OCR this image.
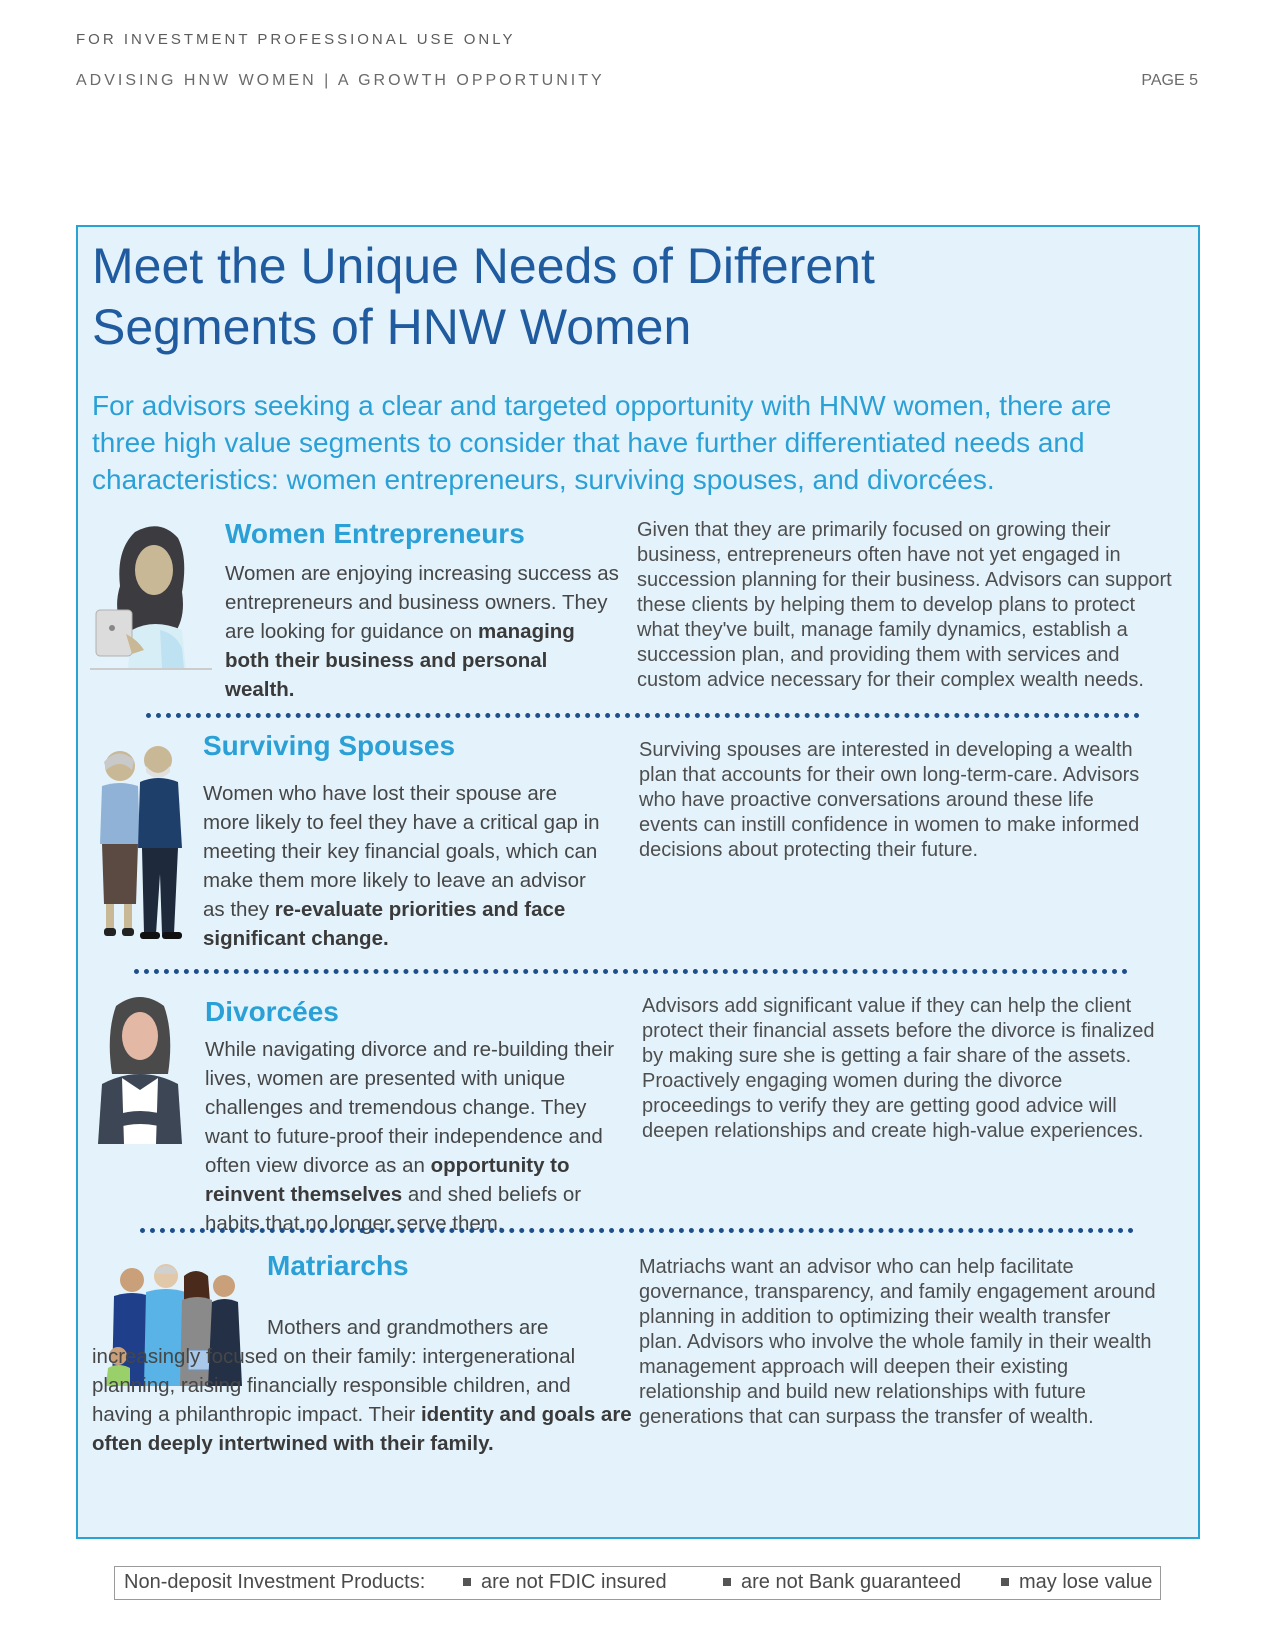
FOR INVESTMENT PROFESSIONAL USE ONLY
ADVISING HNW WOMEN | A GROWTH OPPORTUNITY	PAGE 5
Meet the Unique Needs of Different
Segments of HNW Women

For advisors seeking a clear and targeted opportunity with HNW women, there are three high value segments to consider that have further differentiated needs and characteristics: women entrepreneurs, surviving spouses, and divorcées.

Women Entrepreneurs
Women are enjoying increasing success as entrepreneurs and business owners. They are looking for guidance on managing both their business and personal wealth.
Given that they are primarily focused on growing their business, entrepreneurs often have not yet engaged in succession planning for their business. Advisors can support these clients by helping them to develop plans to protect what they've built, manage family dynamics, establish a succession plan, and providing them with services and custom advice necessary for their complex wealth needs.
Surviving Spouses
Women who have lost their spouse are more likely to feel they have a critical gap in meeting their key financial goals, which can make them more likely to leave an advisor as they re-evaluate priorities and face significant change.
Surviving spouses are interested in developing a wealth plan that accounts for their own long-term-care. Advisors who have proactive conversations around these life events can instill confidence in women to make informed decisions about protecting their future.
Divorcées
While navigating divorce and re-building their lives, women are presented with unique challenges and tremendous change. They want to future-proof their independence and often view divorce as an opportunity to reinvent themselves and shed beliefs or habits that no longer serve them.
Advisors add significant value if they can help the client protect their financial assets before the divorce is finalized by making sure she is getting a fair share of the assets. Proactively engaging women during the divorce proceedings to verify they are getting good advice will deepen relationships and create high-value experiences.
Matriarchs
Mothers and grandmothers are increasingly focused on their family: intergenerational planning, raising financially responsible children, and having a philanthropic impact. Their identity and goals are often deeply intertwined with their family.
Matriachs want an advisor who can help facilitate governance, transparency, and family engagement around planning in addition to optimizing their wealth transfer plan. Advisors who involve the whole family in their wealth management approach will deepen their existing relationship and build new relationships with future generations that can surpass the transfer of wealth.
Non-deposit Investment Products:	are not FDIC insured	are not Bank guaranteed	may lose value
